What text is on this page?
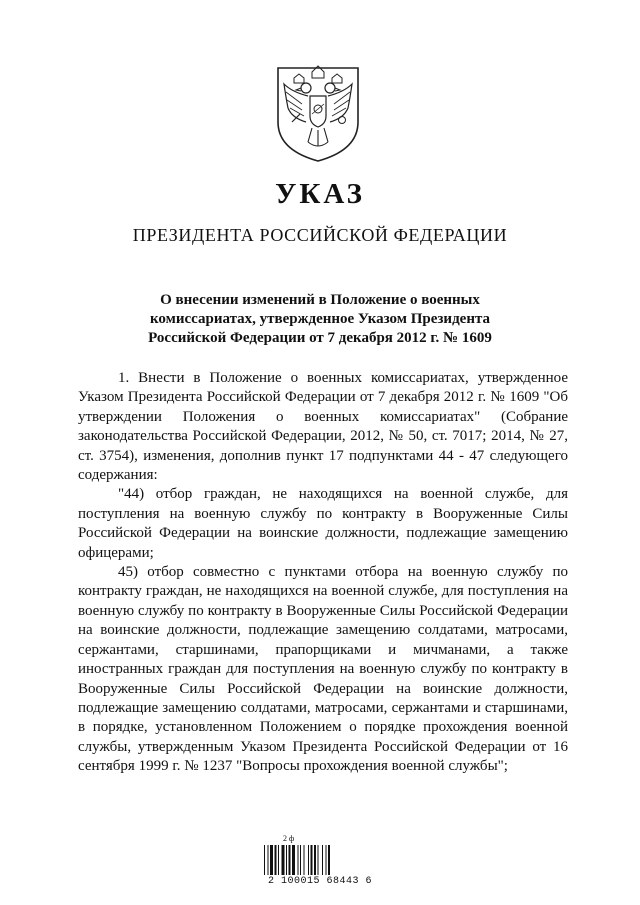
УКАЗ
ПРЕЗИДЕНТА РОССИЙСКОЙ ФЕДЕРАЦИИ
О внесении изменений в Положение о военных
комиссариатах, утвержденное Указом Президента
Российской Федерации от 7 декабря 2012 г. № 1609

1. Внести в Положение о военных комиссариатах, утвержденное Указом Президента Российской Федерации от 7 декабря 2012 г. № 1609 "Об утверждении Положения о военных комиссариатах" (Собрание законодательства Российской Федерации, 2012, № 50, ст. 7017; 2014, № 27, ст. 3754), изменения, дополнив пункт 17 подпунктами 44 - 47 следующего содержания:

"44) отбор граждан, не находящихся на военной службе, для поступления на военную службу по контракту в Вооруженные Силы Российской Федерации на воинские должности, подлежащие замещению офицерами;

45) отбор совместно с пунктами отбора на военную службу по контракту граждан, не находящихся на военной службе, для поступления на военную службу по контракту в Вооруженные Силы Российской Федерации на воинские должности, подлежащие замещению солдатами, матросами, сержантами, старшинами, прапорщиками и мичманами, а также иностранных граждан для поступления на военную службу по контракту в Вооруженные Силы Российской Федерации на воинские должности, подлежащие замещению солдатами, матросами, сержантами и старшинами, в порядке, установленном Положением о порядке прохождения военной службы, утвержденным Указом Президента Российской Федерации от 16 сентября 1999 г. № 1237 "Вопросы прохождения военной службы";

2 ф
2 100015 68443 6
